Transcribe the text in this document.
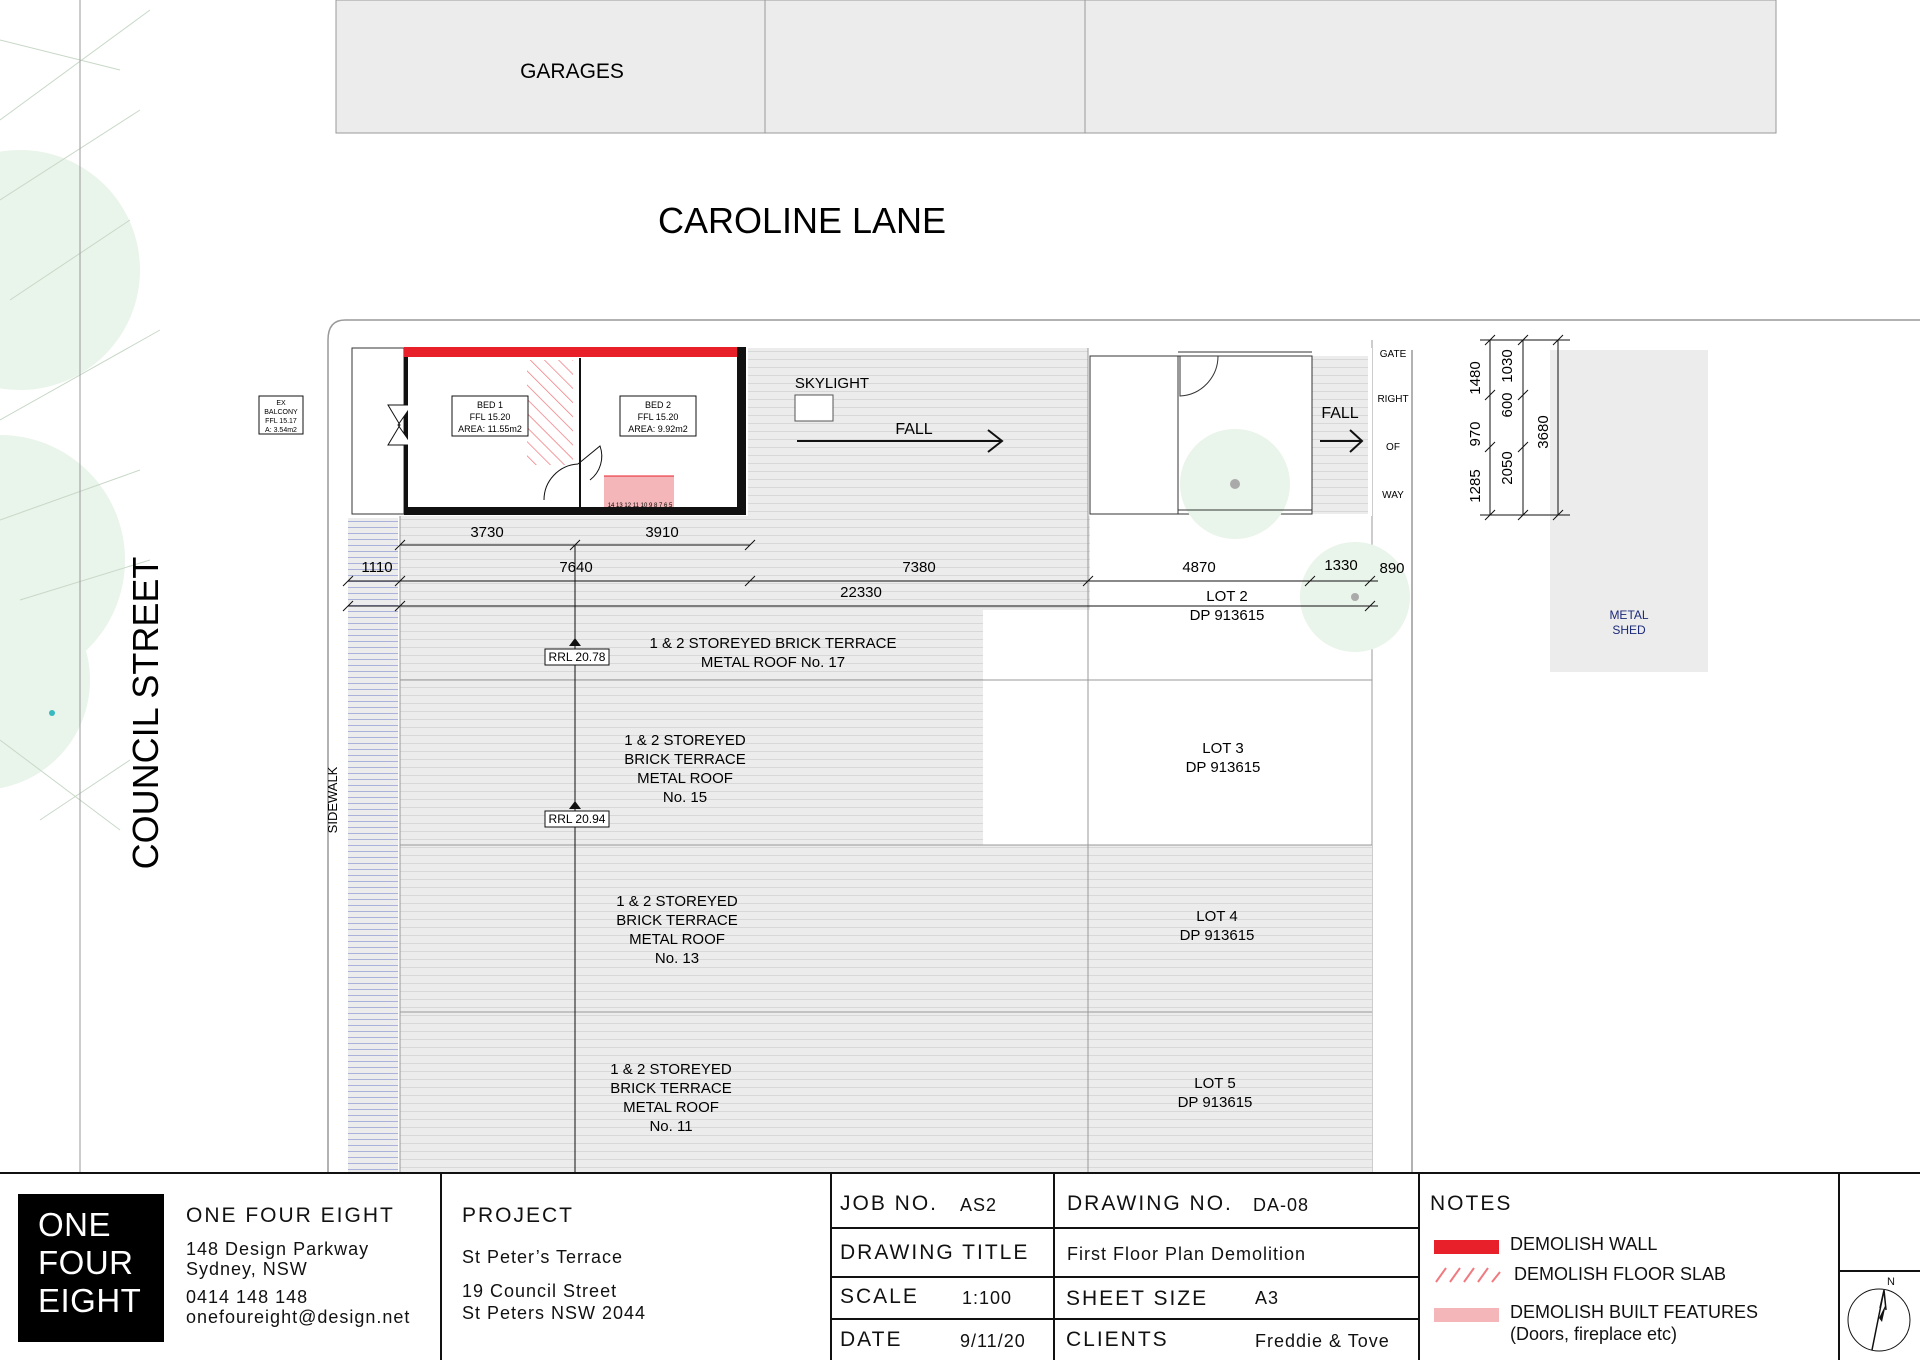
GARAGES
CAROLINE LANE
SIDEWALK
METAL
SHED
BED 1
FFL 15.20
AREA: 11.55m2
BED 2
FFL 15.20
AREA: 9.92m2
14 13 12 11 10 9 8 7 6 5
EX
BALCONY
FFL 15.17
A: 3.54m2
SKYLIGHT
FALL
FALL
GATE
RIGHT
OF
WAY
3730	3910
1110	7640	7380	4870	1330 890
22330
1480 1030
600
970
2050
3680
1285
1 & 2 STOREYED BRICK TERRACE
METAL ROOF No. 17
1 & 2 STOREYED
BRICK TERRACE
METAL ROOF
No. 15
1 & 2 STOREYED
BRICK TERRACE
METAL ROOF
No. 13
1 & 2 STOREYED
BRICK TERRACE
METAL ROOF
No. 11
LOT 2
DP 913615
LOT 3
DP 913615
LOT 4
DP 913615
LOT 5
DP 913615
RRL 20.78
RRL 20.94
COUNCIL STREET
ONE
FOUR
EIGHT
ONE FOUR EIGHT
148 Design Parkway
Sydney, NSW
0414 148 148
onefoureight@design.net
PROJECT
St Peter’s Terrace
19 Council Street
St Peters NSW 2044
JOB NO. AS2	DRAWING NO. DA-08
DRAWING TITLE First Floor Plan Demolition
SCALE 1:100	SHEET SIZE	A3
DATE	9/11/20 CLIENTS	Freddie & Tove
NOTES
DEMOLISH WALL
DEMOLISH FLOOR SLAB
DEMOLISH BUILT FEATURES
(Doors, fireplace etc)
N
